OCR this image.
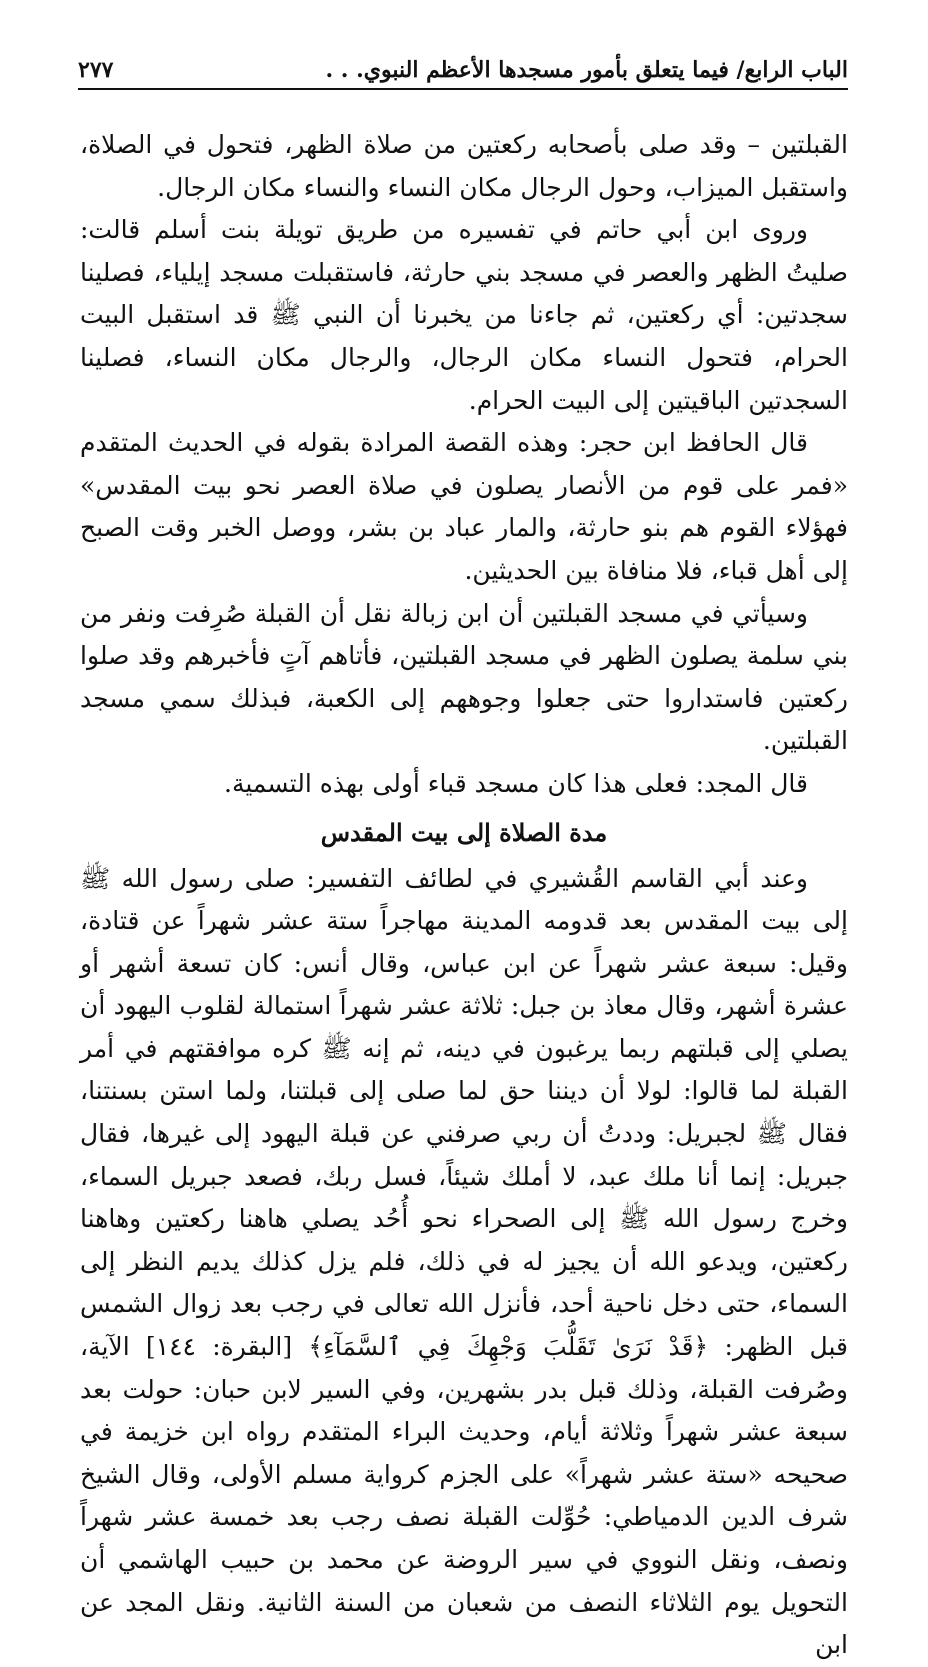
الباب الرابع/ فيما يتعلق بأمور مسجدها الأعظم النبوي. . .
٢٧٧

القبلتين – وقد صلى بأصحابه ركعتين من صلاة الظهر، فتحول في الصلاة، واستقبل الميزاب، وحول الرجال مكان النساء والنساء مكان الرجال.

وروى ابن أبي حاتم في تفسيره من طريق تويلة بنت أسلم قالت: صليتُ الظهر والعصر في مسجد بني حارثة، فاستقبلت مسجد إيلياء، فصلينا سجدتين: أي ركعتين، ثم جاءنا من يخبرنا أن النبي ﷺ قد استقبل البيت الحرام، فتحول النساء مكان الرجال، والرجال مكان النساء، فصلينا السجدتين الباقيتين إلى البيت الحرام.

قال الحافظ ابن حجر: وهذه القصة المرادة بقوله في الحديث المتقدم «فمر على قوم من الأنصار يصلون في صلاة العصر نحو بيت المقدس» فهؤلاء القوم هم بنو حارثة، والمار عباد بن بشر، ووصل الخبر وقت الصبح إلى أهل قباء، فلا منافاة بين الحديثين.

وسيأتي في مسجد القبلتين أن ابن زبالة نقل أن القبلة صُرِفت ونفر من بني سلمة يصلون الظهر في مسجد القبلتين، فأتاهم آتٍ فأخبرهم وقد صلوا ركعتين فاستداروا حتى جعلوا وجوههم إلى الكعبة، فبذلك سمي مسجد القبلتين.

قال المجد: فعلى هذا كان مسجد قباء أولى بهذه التسمية.

مدة الصلاة إلى بيت المقدس

وعند أبي القاسم القُشيري في لطائف التفسير: صلى رسول الله ﷺ إلى بيت المقدس بعد قدومه المدينة مهاجراً ستة عشر شهراً عن قتادة، وقيل: سبعة عشر شهراً عن ابن عباس، وقال أنس: كان تسعة أشهر أو عشرة أشهر، وقال معاذ بن جبل: ثلاثة عشر شهراً استمالة لقلوب اليهود أن يصلي إلى قبلتهم ربما يرغبون في دينه، ثم إنه ﷺ كره موافقتهم في أمر القبلة لما قالوا: لولا أن ديننا حق لما صلى إلى قبلتنا، ولما استن بسنتنا، فقال ﷺ لجبريل: وددتُ أن ربي صرفني عن قبلة اليهود إلى غيرها، فقال جبريل: إنما أنا ملك عبد، لا أملك شيئاً، فسل ربك، فصعد جبريل السماء، وخرج رسول الله ﷺ إلى الصحراء نحو أُحُد يصلي هاهنا ركعتين وهاهنا ركعتين، ويدعو الله أن يجيز له في ذلك، فلم يزل كذلك يديم النظر إلى السماء، حتى دخل ناحية أحد، فأنزل الله تعالى في رجب بعد زوال الشمس قبل الظهر: ﴿قَدْ نَرَىٰ تَقَلُّبَ وَجْهِكَ فِي ٱلسَّمَآءِ﴾ [البقرة: ١٤٤] الآية، وصُرفت القبلة، وذلك قبل بدر بشهرين، وفي السير لابن حبان: حولت بعد سبعة عشر شهراً وثلاثة أيام، وحديث البراء المتقدم رواه ابن خزيمة في صحيحه «ستة عشر شهراً» على الجزم كرواية مسلم الأولى، وقال الشيخ شرف الدين الدمياطي: حُوِّلت القبلة نصف رجب بعد خمسة عشر شهراً ونصف، ونقل النووي في سير الروضة عن محمد بن حبيب الهاشمي أن التحويل يوم الثلاثاء النصف من شعبان من السنة الثانية. ونقل المجد عن ابن
